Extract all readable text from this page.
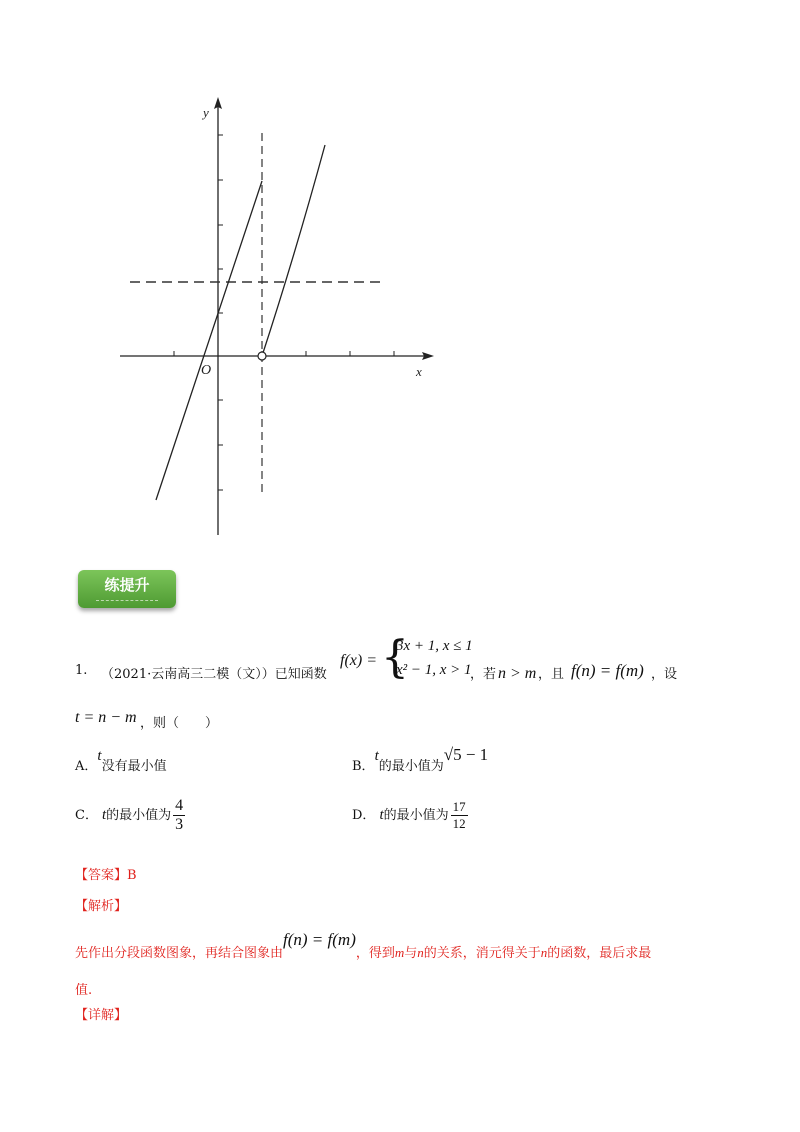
y
x
O
练提升
1. （2021·云南高三二模（文））已知函数
f(x) = {
3x + 1, x ≤ 1
x² − 1, x > 1
，若 n > m ，且 f(n) = f(m) ，设
t = n − m ，则（　　）
A．t没有最小值	B．t的最小值为√5 − 1
C． t的最小值为 $\frac{4}{3}$	D． t的最小值为 $\frac{17}{12}$
【答案】B
【解析】
先作出分段函数图象，再结合图象由f(n) = f(m)，得到m与n的关系，消元得关于n的函数，最后求最
值.
【详解】
